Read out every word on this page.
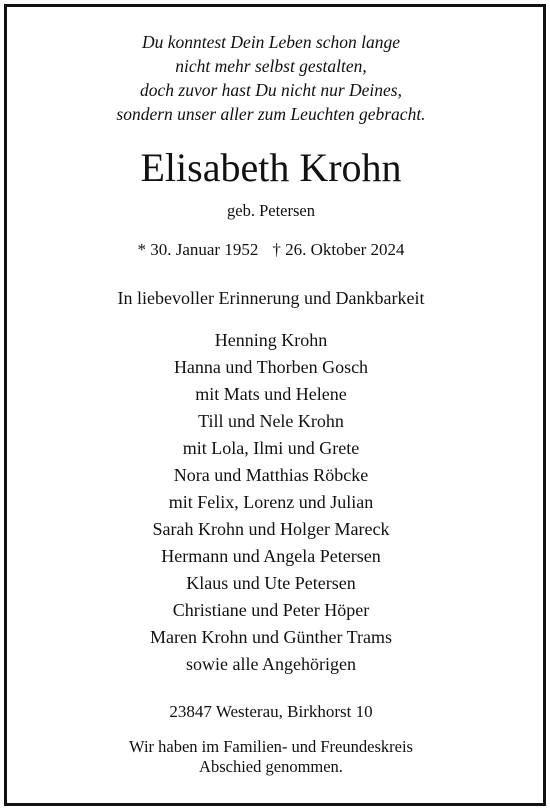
Du konntest Dein Leben schon lange
nicht mehr selbst gestalten,
doch zuvor hast Du nicht nur Deines,
sondern unser aller zum Leuchten gebracht.
Elisabeth Krohn
geb. Petersen
* 30. Januar 1952 † 26. Oktober 2024
In liebevoller Erinnerung und Dankbarkeit
Henning Krohn
Hanna und Thorben Gosch
mit Mats und Helene
Till und Nele Krohn
mit Lola, Ilmi und Grete
Nora und Matthias Röbcke
mit Felix, Lorenz und Julian
Sarah Krohn und Holger Mareck
Hermann und Angela Petersen
Klaus und Ute Petersen
Christiane und Peter Höper
Maren Krohn und Günther Trams
sowie alle Angehörigen
23847 Westerau, Birkhorst 10
Wir haben im Familien- und Freundeskreis
Abschied genommen.
